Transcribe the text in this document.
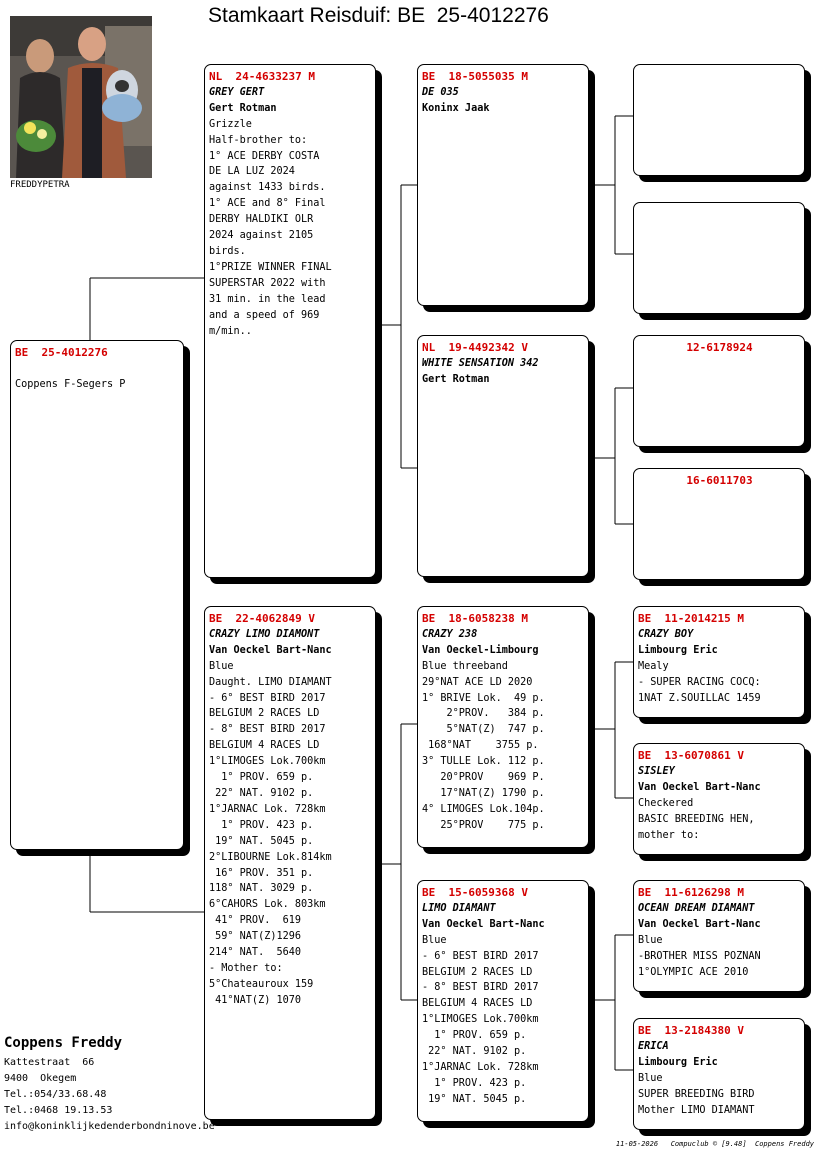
Stamkaart Reisduif: BE  25-4012276
FREDDYPETRA
BE  25-4012276

Coppens F-Segers P
NL  24-4633237 M
GREY GERT
Gert Rotman
Grizzle
Half-brother to:
1° ACE DERBY COSTA
DE LA LUZ 2024
against 1433 birds.
1° ACE and 8° Final
DERBY HALDIKI OLR
2024 against 2105
birds.
1°PRIZE WINNER FINAL
SUPERSTAR 2022 with
31 min. in the lead
and a speed of 969
m/min..
BE  22-4062849 V
CRAZY LIMO DIAMONT
Van Oeckel Bart-Nanc
Blue
Daught. LIMO DIAMANT
- 6° BEST BIRD 2017
BELGIUM 2 RACES LD
- 8° BEST BIRD 2017
BELGIUM 4 RACES LD
1°LIMOGES Lok.700km
1° PROV. 659 p.
22° NAT. 9102 p.
1°JARNAC Lok. 728km
1° PROV. 423 p.
19° NAT. 5045 p.
2°LIBOURNE Lok.814km
16° PROV. 351 p.
118° NAT. 3029 p.
6°CAHORS Lok. 803km
41° PROV.  619
59° NAT(Z)1296
214° NAT.  5640
- Mother to:
5°Chateauroux 159
41°NAT(Z) 1070
BE  18-5055035 M
DE 035
Koninx Jaak
NL  19-4492342 V
WHITE SENSATION 342
Gert Rotman
BE  18-6058238 M
CRAZY 238
Van Oeckel-Limbourg
Blue threeband
29°NAT ACE LD 2020
1° BRIVE Lok.  49 p.
2°PROV.   384 p.
5°NAT(Z)  747 p.
168°NAT    3755 p.
3° TULLE Lok. 112 p.
20°PROV    969 P.
17°NAT(Z) 1790 p.
4° LIMOGES Lok.104p.
25°PROV    775 p.
BE  15-6059368 V
LIMO DIAMANT
Van Oeckel Bart-Nanc
Blue
- 6° BEST BIRD 2017
BELGIUM 2 RACES LD
- 8° BEST BIRD 2017
BELGIUM 4 RACES LD
1°LIMOGES Lok.700km
1° PROV. 659 p.
22° NAT. 9102 p.
1°JARNAC Lok. 728km
1° PROV. 423 p.
19° NAT. 5045 p.
12-6178924
16-6011703
BE  11-2014215 M
CRAZY BOY
Limbourg Eric
Mealy
- SUPER RACING COCQ:
1NAT Z.SOUILLAC 1459
BE  13-6070861 V
SISLEY
Van Oeckel Bart-Nanc
Checkered
BASIC BREEDING HEN,
mother to:
BE  11-6126298 M
OCEAN DREAM DIAMANT
Van Oeckel Bart-Nanc
Blue
-BROTHER MISS POZNAN
1°OLYMPIC ACE 2010
BE  13-2184380 V
ERICA
Limbourg Eric
Blue
SUPER BREEDING BIRD
Mother LIMO DIAMANT
Coppens Freddy
Kattestraat  66
9400  Okegem
Tel.:054/33.68.48
Tel.:0468 19.13.53
info@koninklijkedenderbondninove.be
11-05-2026   Compuclub © [9.48]  Coppens Freddy
